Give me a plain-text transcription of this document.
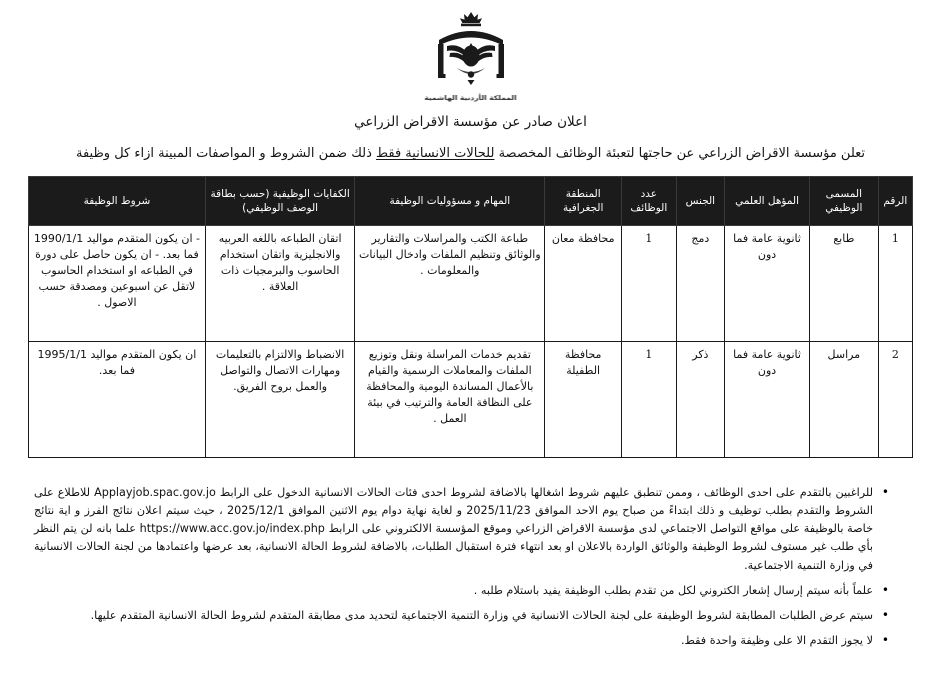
المملكة الأردنية الهاشمية
اعلان صادر عن مؤسسة الاقراض الزراعي
تعلن مؤسسة الاقراض الزراعي عن حاجتها لتعبئة الوظائف المخصصة للحالات الانسانية فقط ذلك ضمن الشروط و المواصفات المبينة ازاء كل وظيفة
الرقم	المسمى الوظيفي	المؤهل العلمي	الجنس	عدد الوظائف	المنطقة الجغرافية	المهام و مسؤوليات الوظيفة	الكفايات الوظيفية (حسب بطاقة الوصف الوظيفي)	شروط الوظيفة
1	طابع	ثانوية عامة فما دون	دمج	1	محافظة معان	طباعة الكتب والمراسلات والتقارير والوثائق وتنظيم الملفات وادخال البيانات والمعلومات .	اتقان الطباعه باللغه العربيه والانجليزية واتقان استخدام الحاسوب والبرمجيات ذات العلاقة .	- ان يكون المتقدم مواليد 1990/1/1 فما بعد. - ان يكون حاصل على دورة في الطباعه او استخدام الحاسوب لاتقل عن اسبوعين ومصدقة حسب الاصول .
2	مراسل	ثانوية عامة فما دون	ذكر	1	محافظة الطفيلة	تقديم خدمات المراسلة ونقل وتوزيع الملفات والمعاملات الرسمية والقيام بالأعمال المساندة اليومية والمحافظة على النظافة العامة والترتيب في بيئة العمل .	الانضباط والالتزام بالتعليمات ومهارات الاتصال والتواصل والعمل بروح الفريق.	ان يكون المتقدم مواليد 1995/1/1 فما بعد.
• للراغبين بالتقدم على احدى الوظائف ، وممن تنطبق عليهم شروط اشغالها بالاضافة لشروط احدى فئات الحالات الانسانية الدخول على الرابط Applayjob.spac.gov.jo للاطلاع على الشروط والتقدم بطلب توظيف و ذلك ابتداءً من صباح يوم الاحد الموافق 2025/11/23 و لغاية نهاية دوام يوم الاثنين الموافق 2025/12/1 ، حيث سيتم اعلان نتائج الفرز و اية نتائج خاصة بالوظيفة على مواقع التواصل الاجتماعي لدى مؤسسة الاقراض الزراعي وموقع المؤسسة الالكتروني على الرابط https://www.acc.gov.jo/index.php علما بانه لن يتم النظر بأي طلب غير مستوف لشروط الوظيفة والوثائق الواردة بالاعلان او بعد انتهاء فترة استقبال الطلبات، بالاضافة لشروط الحالة الانسانية، بعد عرضها واعتمادها من لجنة الحالات الانسانية في وزارة التنمية الاجتماعية.
• علماً بأنه سيتم إرسال إشعار الكتروني لكل من تقدم بطلب الوظيفة يفيد باستلام طلبه .
• سيتم عرض الطلبات المطابقة لشروط الوظيفة على لجنة الحالات الانسانية في وزارة التنمية الاجتماعية لتحديد مدى مطابقة المتقدم لشروط الحالة الانسانية المتقدم عليها.
• لا يجوز التقدم الا على وظيفة واحدة فقط.
